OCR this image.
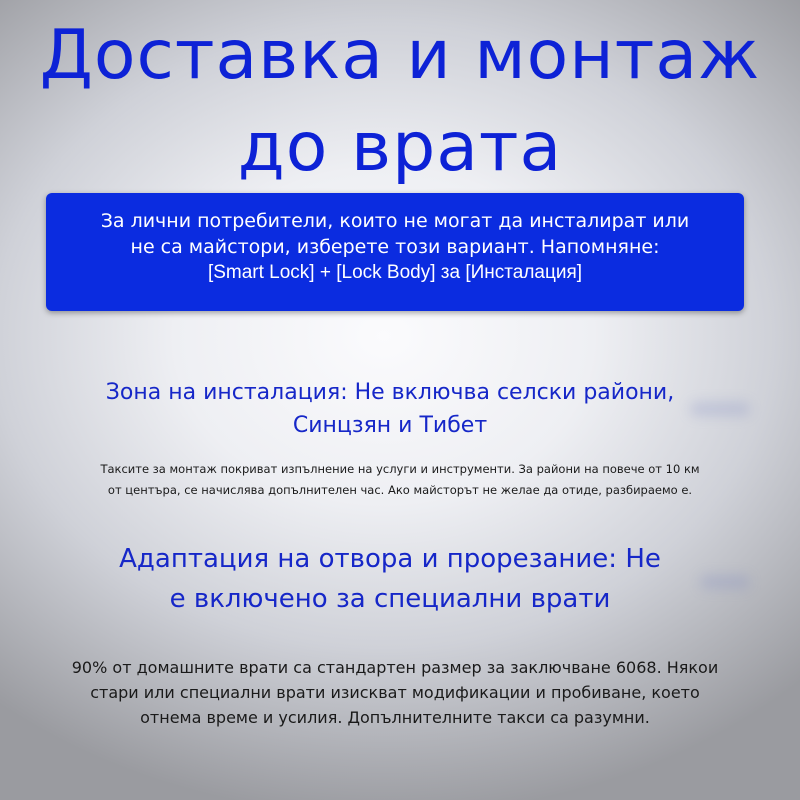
Доставка и монтаж
до врата
За лични потребители, които не могат да инсталират или
не са майстори, изберете този вариант. Напомняне:
[Smart Lock] + [Lock Body] за [Инсталация]
Зона на инсталация: Не включва селски райони,
Синцзян и Тибет
Таксите за монтаж покриват изпълнение на услуги и инструменти. За райони на повече от 10 км
от центъра, се начислява допълнителен час. Ако майсторът не желае да отиде, разбираемо е.
Адаптация на отвора и прорезание: Не
е включено за специални врати
90% от домашните врати са стандартен размер за заключване 6068. Някои
стари или специални врати изискват модификации и пробиване, което
отнема време и усилия. Допълнителните такси са разумни.
